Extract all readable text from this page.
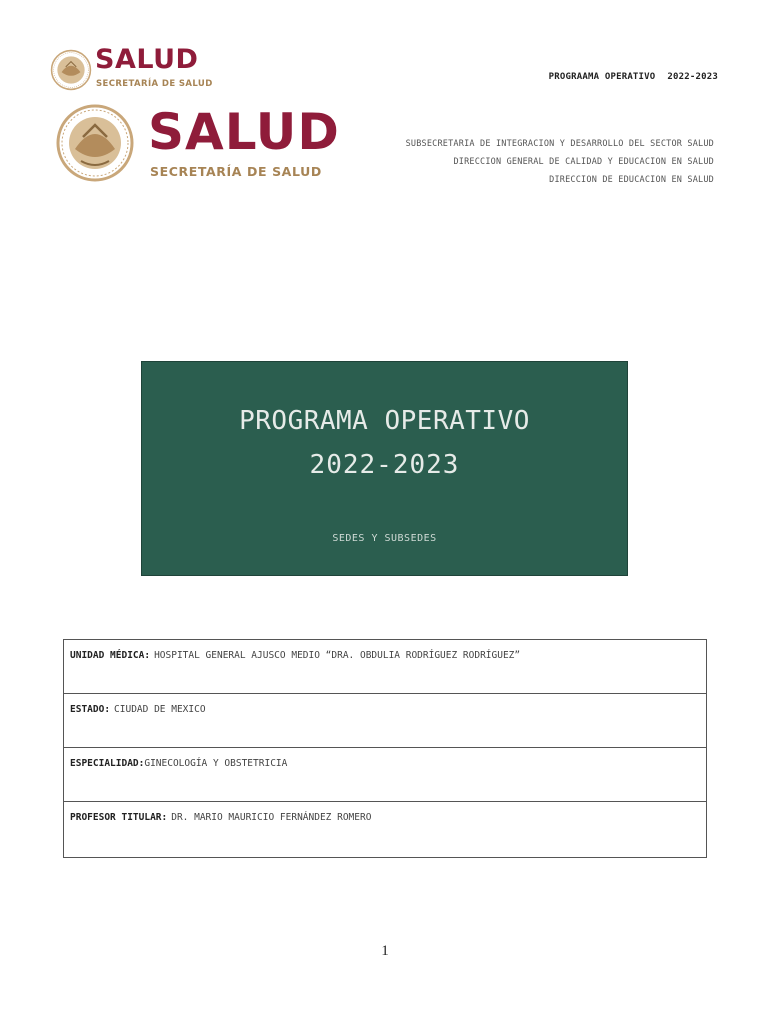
SALUD
SECRETARÍA DE SALUD
SALUD
SECRETARÍA DE SALUD
PROGRAAMA OPERATIVO 2022-2023
SUBSECRETARIA DE INTEGRACION Y DESARROLLO DEL SECTOR SALUD
DIRECCION GENERAL DE CALIDAD Y EDUCACION EN SALUD
DIRECCION DE EDUCACION EN SALUD
PROGRAMA OPERATIVO
2022-2023
SEDES Y SUBSEDES
UNIDAD MÉDICA: HOSPITAL GENERAL AJUSCO MEDIO “DRA. OBDULIA RODRÍGUEZ RODRÍGUEZ”
ESTADO: CIUDAD DE MEXICO
ESPECIALIDAD:GINECOLOGÍA Y OBSTETRICIA
PROFESOR TITULAR: DR. MARIO MAURICIO FERNÁNDEZ ROMERO
1
